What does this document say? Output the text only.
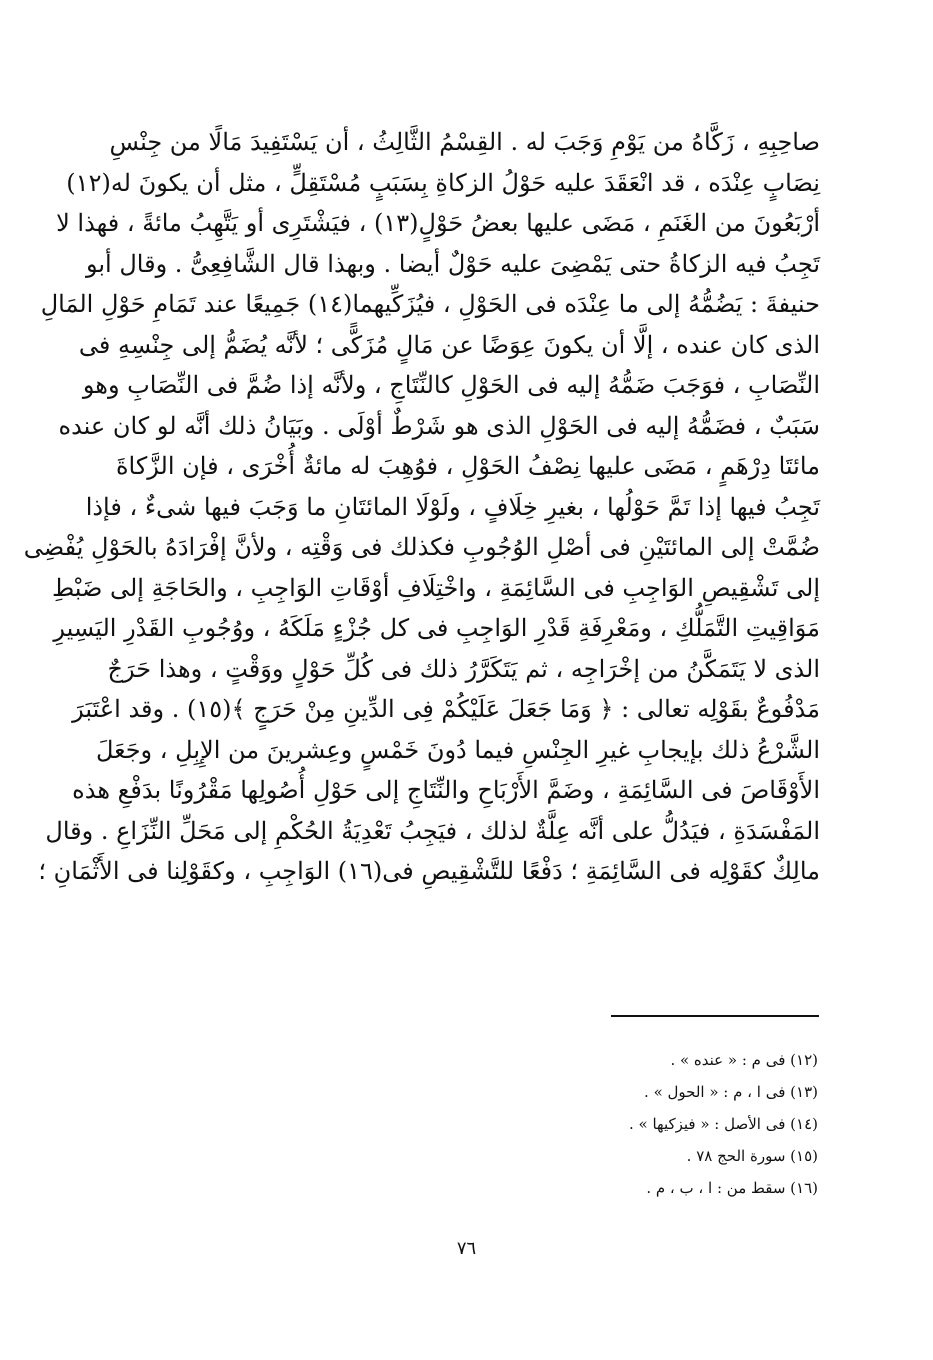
صاحِبِهِ ، زَكَّاهُ من يَوْمِ وَجَبَ له . القِسْمُ الثَّالِثُ ، أن يَسْتَفِيدَ مَالًا من جِنْسِ
نِصَابٍ عِنْدَه ، قد انْعَقَدَ عليه حَوْلُ الزكاةِ بِسَبَبٍ مُسْتَقِلٍّ ، مثل أن يكونَ له(١٢)
أرْبَعُونَ من الغَنَمِ ، مَضَى عليها بعضُ حَوْلٍ(١٣) ، فيَشْتَرِى أو يَتَّهِبُ مائةً ، فهذا لا
تَجِبُ فيه الزكاةُ حتى يَمْضِىَ عليه حَوْلٌ أيضا . وبهذا قال الشَّافِعِىُّ . وقال أبو
حنيفةَ : يَضُمُّهُ إلى ما عِنْدَه فى الحَوْلِ ، فيُزَكِّيهما(١٤) جَمِيعًا عند تَمَامِ حَوْلِ المَالِ
الذى كان عنده ، إلَّا أن يكونَ عِوَضًا عن مَالٍ مُزَكًّى ؛ لأنَّه يُضَمُّ إلى جِنْسِهِ فى
النِّصَابِ ، فوَجَبَ ضَمُّهُ إليه فى الحَوْلِ كالنِّتَاجِ ، ولأنَّه إذا ضُمَّ فى النِّصَابِ وهو
سَبَبٌ ، فضَمُّهُ إليه فى الحَوْلِ الذى هو شَرْطٌ أوْلَى . وبَيَانُ ذلك أنَّه لو كان عنده
مائتَا دِرْهَمٍ ، مَضَى عليها نِصْفُ الحَوْلِ ، فوُهِبَ له مائةٌ أُخْرَى ، فإن الزَّكاةَ
تَجِبُ فيها إذا تَمَّ حَوْلُها ، بغيرِ خِلَافٍ ، ولَوْلَا المائتَانِ ما وَجَبَ فيها شىءٌ ، فإذا
ضُمَّتْ إلى المائتَيْنِ فى أصْلِ الوُجُوبِ فكذلك فى وَقْتِه ، ولأنَّ إفْرَادَهُ بالحَوْلِ يُفْضِى
إلى تَشْقِيصِ الوَاجِبِ فى السَّائِمَةِ ، واخْتِلَافِ أوْقَاتِ الوَاجِبِ ، والحَاجَةِ إلى ضَبْطِ
مَوَاقِيتِ التَّمَلُّكِ ، ومَعْرِفَةِ قَدْرِ الوَاجِبِ فى كل جُزْءٍ مَلَكَهُ ، ووُجُوبِ القَدْرِ اليَسِيرِ
الذى لا يَتَمَكَّنُ من إخْرَاجِه ، ثم يَتَكَرَّرُ ذلك فى كُلِّ حَوْلٍ ووَقْتٍ ، وهذا حَرَجٌ
مَدْفُوعٌ بقَوْلِه تعالى : ﴿ وَمَا جَعَلَ عَلَيْكُمْ فِى الدِّينِ مِنْ حَرَجٍ ﴾(١٥) . وقد اعْتَبَرَ
الشَّرْعُ ذلك بإيجابِ غيرِ الجِنْسِ فيما دُونَ خَمْسٍ وعِشرينَ من الإِبِلِ ، وجَعَلَ
الأَوْقَاصَ فى السَّائِمَةِ ، وضَمَّ الأَرْبَاحِ والنِّتَاجِ إلى حَوْلِ أُصُولِها مَقْرُونًا بدَفْعِ هذه
المَفْسَدَةِ ، فيَدُلُّ على أنَّه عِلَّةٌ لذلك ، فيَجِبُ تَعْدِيَةُ الحُكْمِ إلى مَحَلِّ النِّزَاعِ . وقال
مالِكٌ كقَوْلِه فى السَّائِمَةِ ؛ دَفْعًا للتَّشْقِيصِ فى(١٦) الوَاجِبِ ، وكقَوْلِنا فى الأَثْمَانِ ؛
(١٢) فى م : « عنده » .
(١٣) فى ا ، م : « الحول » .
(١٤) فى الأصل : « فيزكيها » .
(١٥) سورة الحج ٧٨ .
(١٦) سقط من : ا ، ب ، م .
٧٦
